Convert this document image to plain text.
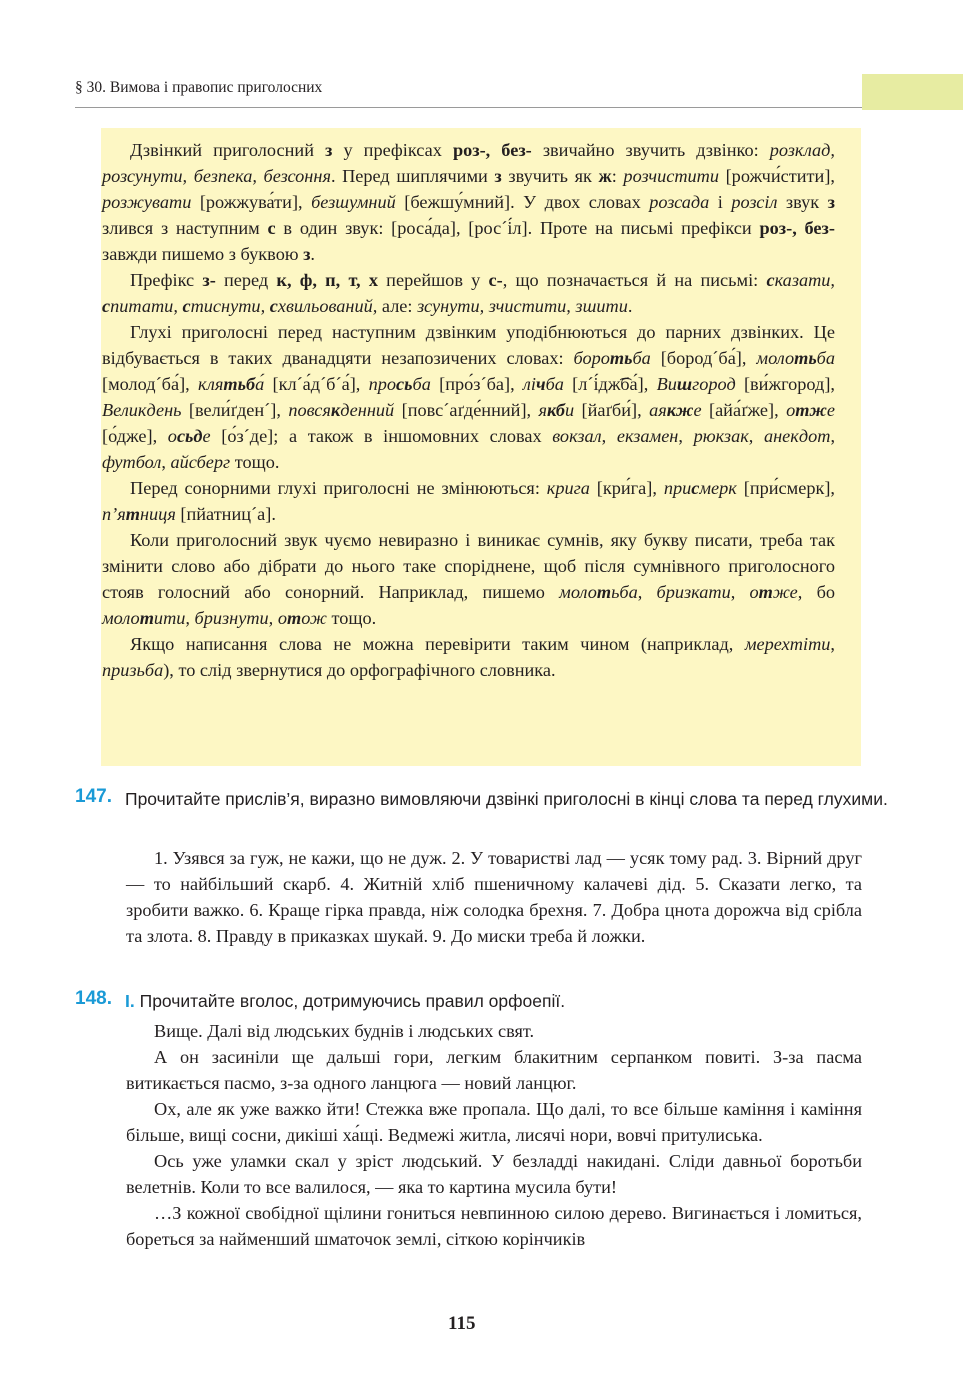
§ 30. Вимова і правопис приголосних

Дзвінкий приголосний з у префіксах роз-, без- звичайно звучить дзвінко: розклад, розсунути, безпека, безсоння. Перед шиплячими з звучить як ж: розчистити [рожчи́стити], розжувати [рожжува́ти], безшумний [бежшу́мний]. У двох словах розсада і розсіл звук з злився з наступним с в один звук: [роса́да], [рос´і́л]. Проте на письмі префікси роз-, без- завжди пишемо з буквою з.

Префікс з- перед к, ф, п, т, х перейшов у с-, що позначається й на письмі: сказати, спитати, стиснути, схвильований, але: зсунути, зчистити, зшити.

Глухі приголосні перед наступним дзвінким уподібнюються до парних дзвінких. Це відбувається в таких дванадцяти незапозичених словах: боротьба [бород´ба́], молотьба [молод´ба́], клятьба́ [кл´а́д´б´а́], просьба [про́з´ба], лічба [л´і́дж͡ба́], Вишгород [ви́жгород], Великдень [вели́ґден´], повсякденний [повс´аґде́нний], якби [йаґби́], аякже [айа́ґже], отже [о́дже], осьде [о́з´де]; а також в іншомовних словах вокзал, екзамен, рюкзак, анекдот, футбол, айсберг тощо.

Перед сонорними глухі приголосні не змінюються: крига [кри́га], присмерк [при́смерк], п’ятниця [пйатниц´а].

Коли приголосний звук чуємо невиразно і виникає сумнів, яку букву писати, треба так змінити слово або дібрати до нього таке споріднене, щоб після сумнівного приголосного стояв голосний або сонорний. Наприклад, пишемо молотьба, бризкати, отже, бо молотити, бризнути, отож тощо.

Якщо написання слова не можна перевірити таким чином (наприклад, мерехтіти, призьба), то слід звернутися до орфографічного словника.

147. Прочитайте прислів’я, виразно вимовляючи дзвінкі приголосні в кінці слова та перед глухими.

1. Узявся за гуж, не кажи, що не дуж. 2. У товаристві лад — усяк тому рад. 3. Вірний друг — то найбільший скарб. 4. Житній хліб пшеничному калачеві дід. 5. Сказати легко, та зробити важко. 6. Краще гірка правда, ніж солодка брехня. 7. Добра цнота дорожча від срібла та злота. 8. Правду в приказках шукай. 9. До миски треба й ложки.

148. І. Прочитайте вголос, дотримуючись правил орфоепії.

Вище. Далі від людських буднів і людських свят.

А он засиніли ще дальші гори, легким блакитним серпанком повиті. З-за пасма витикається пасмо, з-за одного ланцюга — новий ланцюг.

Ох, але як уже важко йти! Стежка вже пропала. Що далі, то все більше каміння і каміння більше, вищі сосни, дикіші ха́щі. Ведмежі житла, лисячі нори, вовчі притулиська.

Ось уже уламки скал у зріст людський. У безладді накидані. Сліди давньої боротьби велетнів. Коли то все валилося, — яка то картина мусила бути!

…З кожної свобідної щілини гониться невпинною силою дерево. Вигинається і ломиться, бореться за найменший шматочок землі, сіткою корінчиків

115
